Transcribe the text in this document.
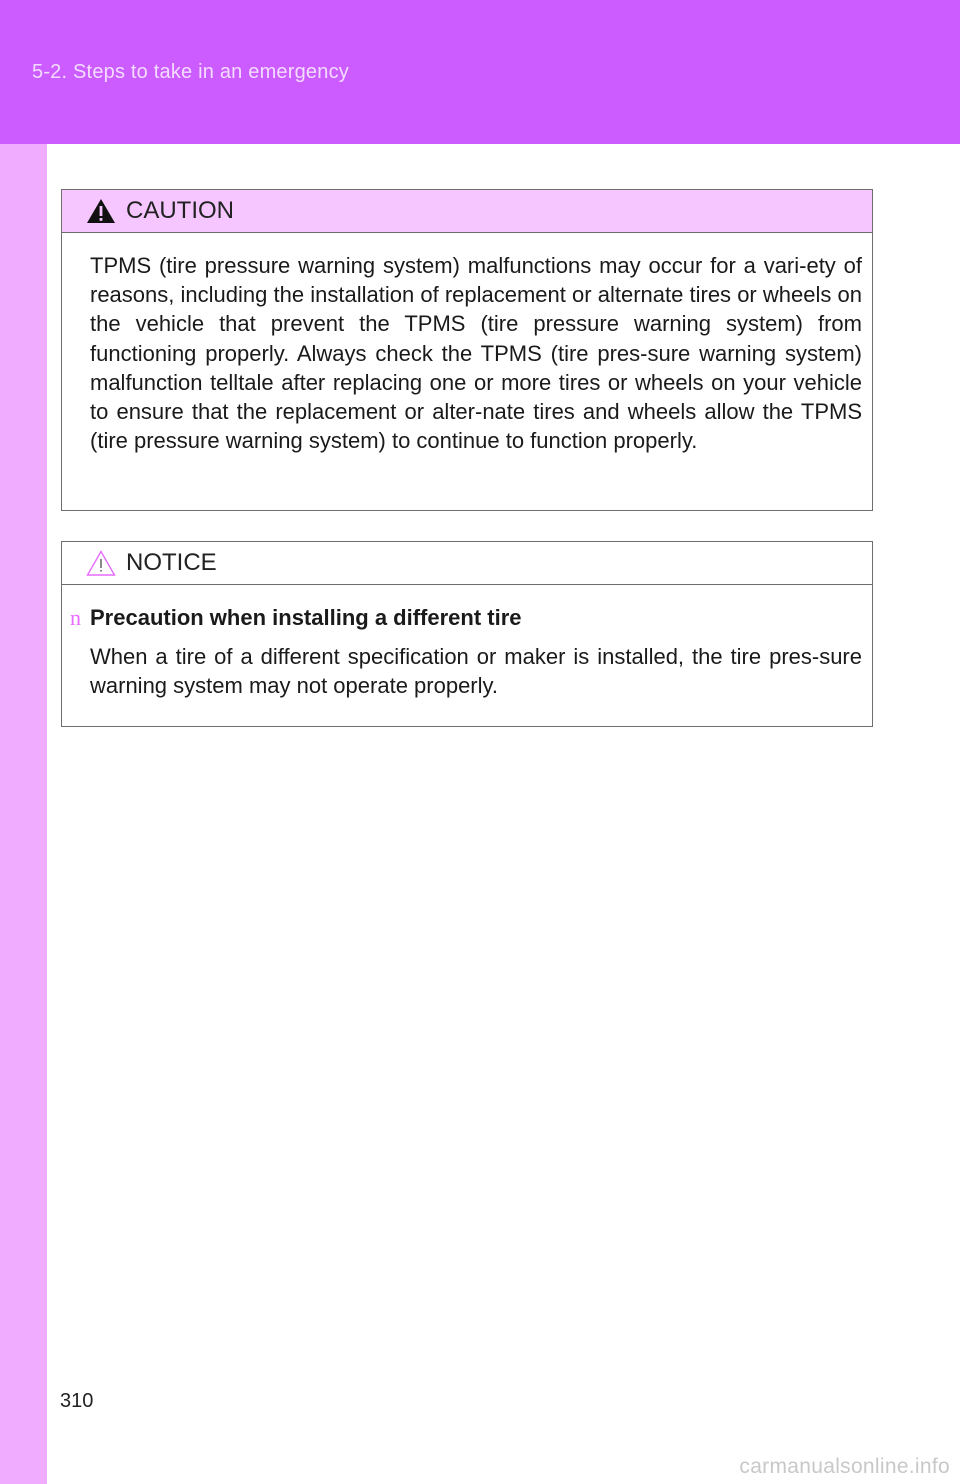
5-2. Steps to take in an emergency
CAUTION
TPMS (tire pressure warning system) malfunctions may occur for a vari-ety of reasons, including the installation of replacement or alternate tires or wheels on the vehicle that prevent the TPMS (tire pressure warning system) from functioning properly. Always check the TPMS (tire pres-sure warning system) malfunction telltale after replacing one or more tires or wheels on your vehicle to ensure that the replacement or alter-nate tires and wheels allow the TPMS (tire pressure warning system) to continue to function properly.
NOTICE
n Precaution when installing a different tire
When a tire of a different specification or maker is installed, the tire pres-sure warning system may not operate properly.
310
carmanualsonline.info
